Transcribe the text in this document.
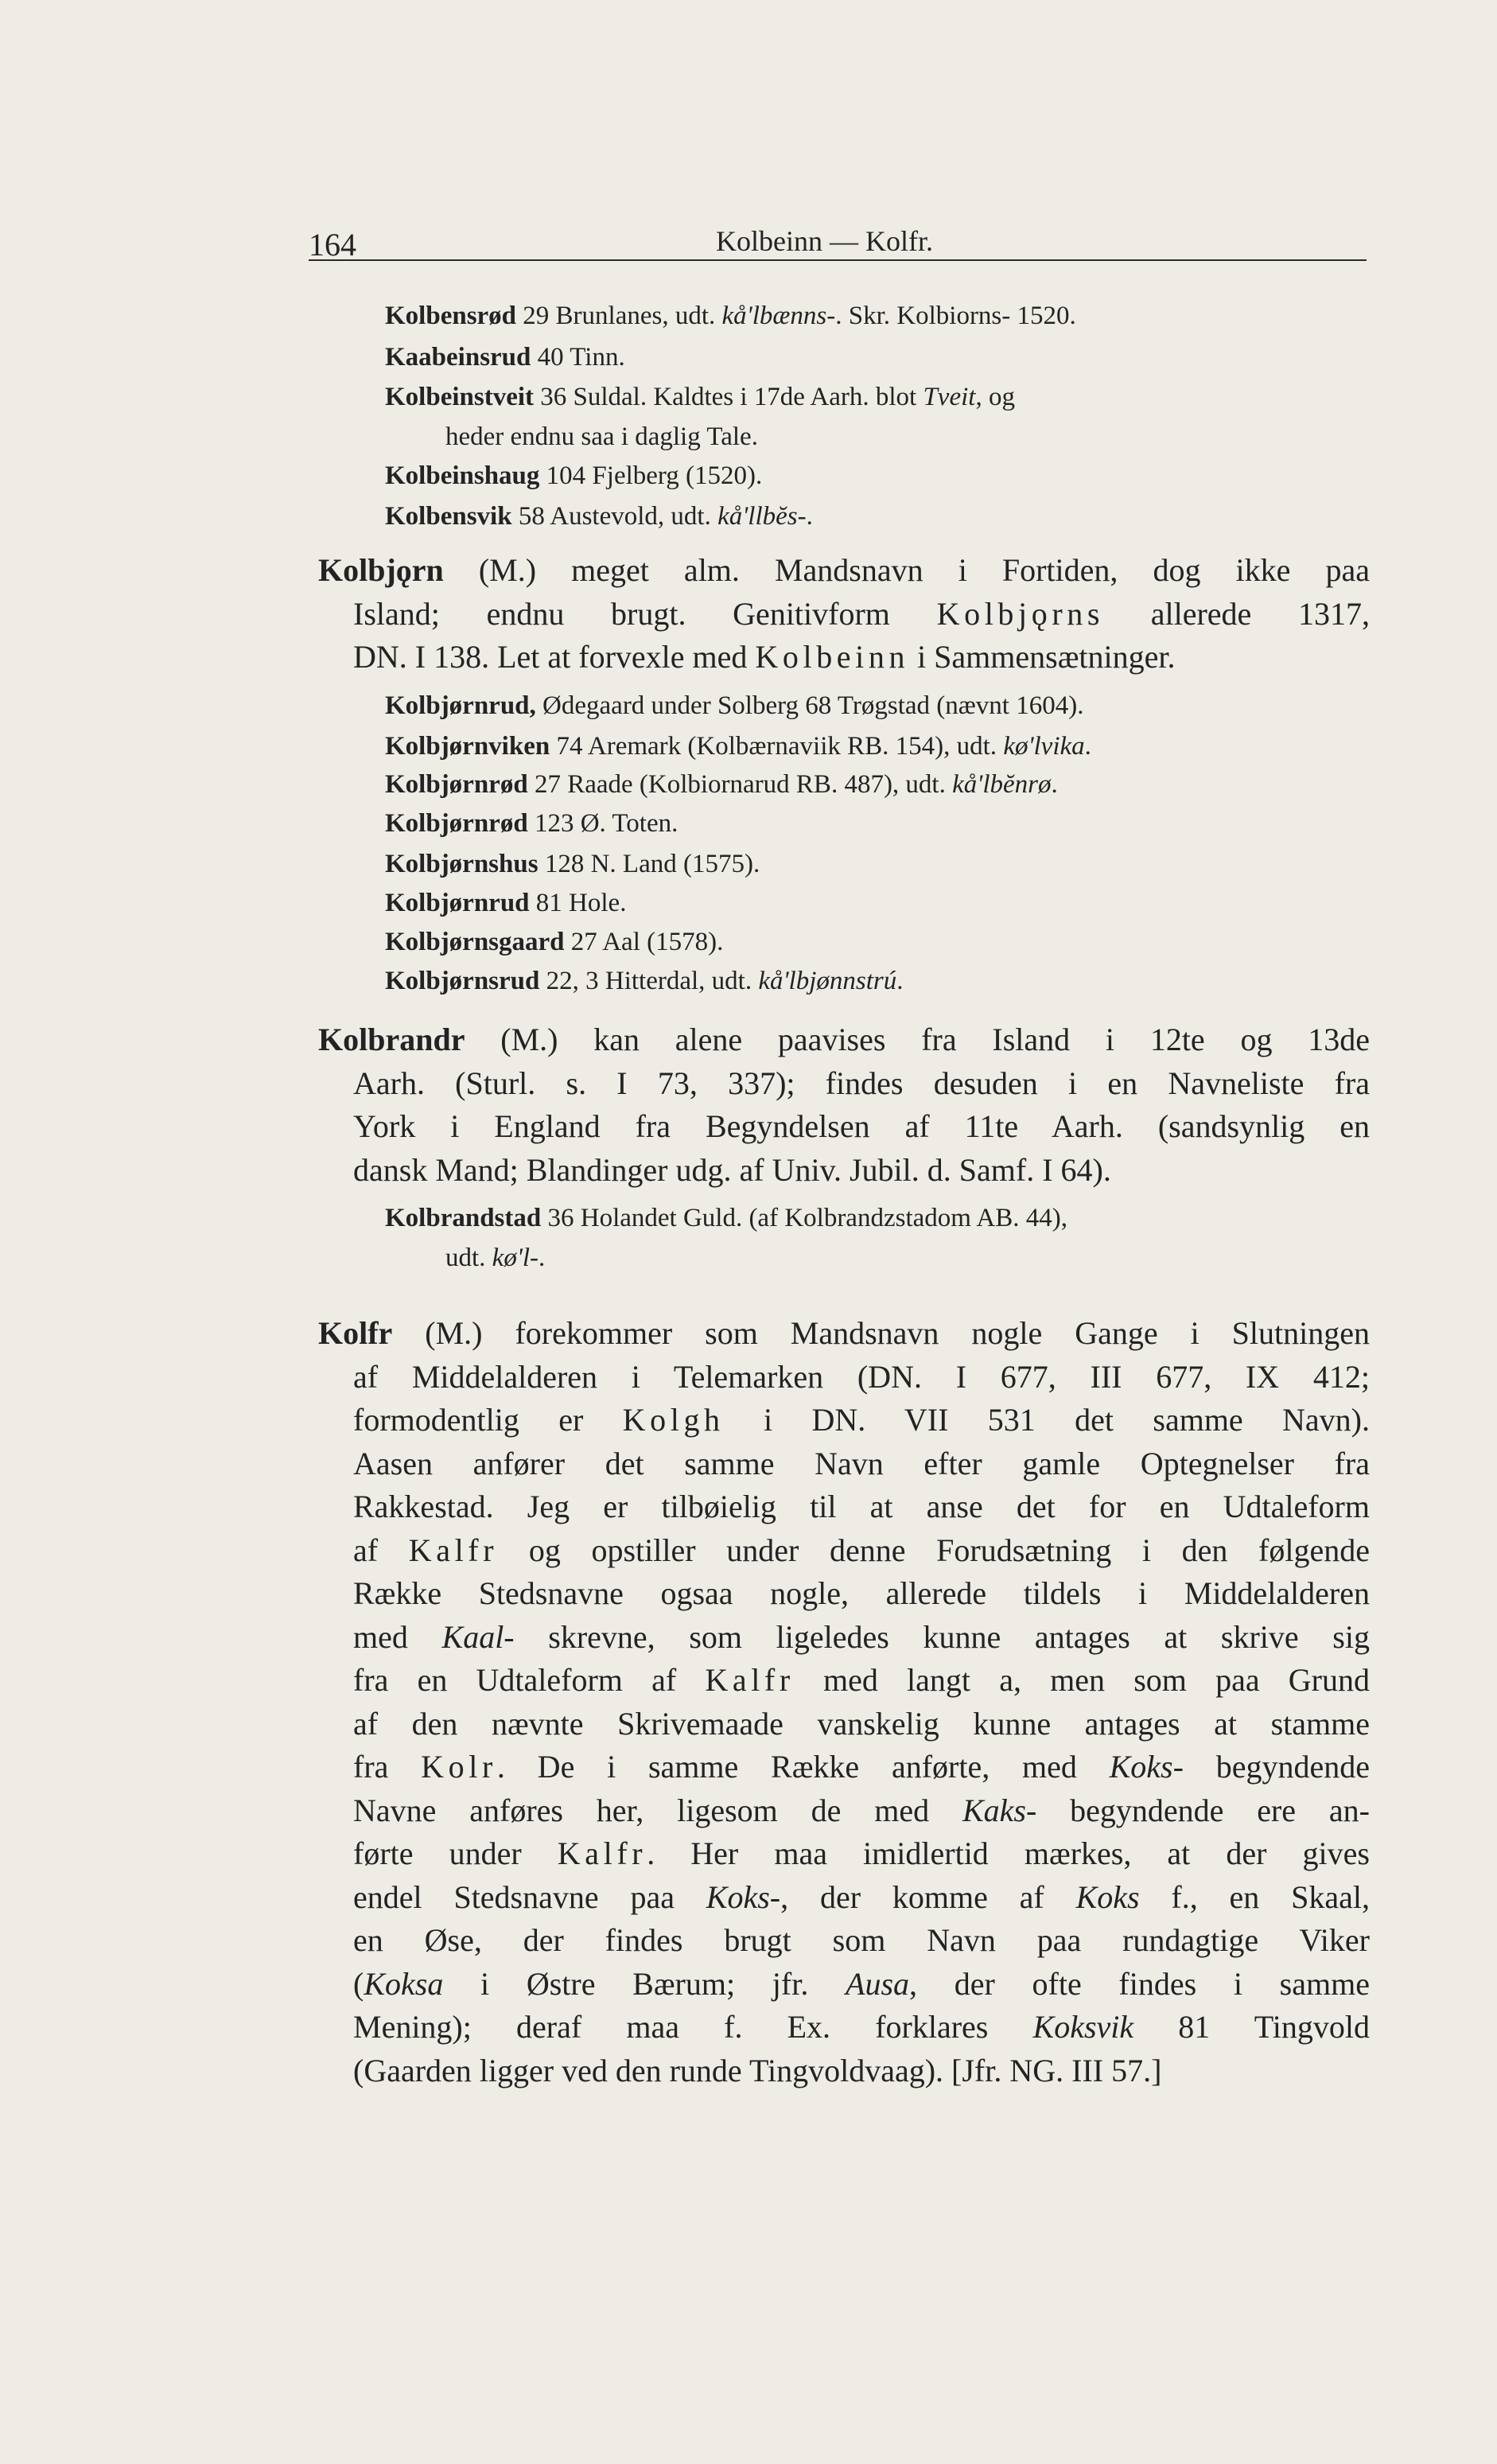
164	Kolbeinn — Kolfr.
Kolbensrød 29 Brunlanes, udt. kå'lbænns-. Skr. Kolbiorns- 1520.
Kaabeinsrud 40 Tinn.
Kolbeinstveit 36 Suldal. Kaldtes i 17de Aarh. blot Tveit, og
heder endnu saa i daglig Tale.
Kolbeinshaug 104 Fjelberg (1520).
Kolbensvik 58 Austevold, udt. kå'llbĕs-.
Kolbjǫrn (M.) meget alm. Mandsnavn i Fortiden, dog ikke paa
Island; endnu brugt. Genitivform Kolbjǫrns allerede 1317,
DN. I 138. Let at forvexle med Kolbeinn i Sammensætninger.
Kolbjørnrud, Ødegaard under Solberg 68 Trøgstad (nævnt 1604).
Kolbjørnviken 74 Aremark (Kolbærnaviik RB. 154), udt. kø'lvika.
Kolbjørnrød 27 Raade (Kolbiornarud RB. 487), udt. kå'lbĕnrø.
Kolbjørnrød 123 Ø. Toten.
Kolbjørnshus 128 N. Land (1575).
Kolbjørnrud 81 Hole.
Kolbjørnsgaard 27 Aal (1578).
Kolbjørnsrud 22, 3 Hitterdal, udt. kå'lbjønnstrú.
Kolbrandr (M.) kan alene paavises fra Island i 12te og 13de
Aarh. (Sturl. s. I 73, 337); findes desuden i en Navneliste fra
York i England fra Begyndelsen af 11te Aarh. (sandsynlig en
dansk Mand; Blandinger udg. af Univ. Jubil. d. Samf. I 64).
Kolbrandstad 36 Holandet Guld. (af Kolbrandzstadom AB. 44),
udt. kø'l-.
Kolfr (M.) forekommer som Mandsnavn nogle Gange i Slutningen
af Middelalderen i Telemarken (DN. I 677, III 677, IX 412;
formodentlig er Kolgh i DN. VII 531 det samme Navn).
Aasen anfører det samme Navn efter gamle Optegnelser fra
Rakkestad. Jeg er tilbøielig til at anse det for en Udtaleform
af Kalfr og opstiller under denne Forudsætning i den følgende
Række Stedsnavne ogsaa nogle, allerede tildels i Middelalderen
med Kaal- skrevne, som ligeledes kunne antages at skrive sig
fra en Udtaleform af Kalfr med langt a, men som paa Grund
af den nævnte Skrivemaade vanskelig kunne antages at stamme
fra Kolr. De i samme Række anførte, med Koks- begyndende
Navne anføres her, ligesom de med Kaks- begyndende ere an-
førte under Kalfr. Her maa imidlertid mærkes, at der gives
endel Stedsnavne paa Koks-, der komme af Koks f., en Skaal,
en Øse, der findes brugt som Navn paa rundagtige Viker
(Koksa i Østre Bærum; jfr. Ausa, der ofte findes i samme
Mening); deraf maa f. Ex. forklares Koksvik 81 Tingvold
(Gaarden ligger ved den runde Tingvoldvaag). [Jfr. NG. III 57.]
